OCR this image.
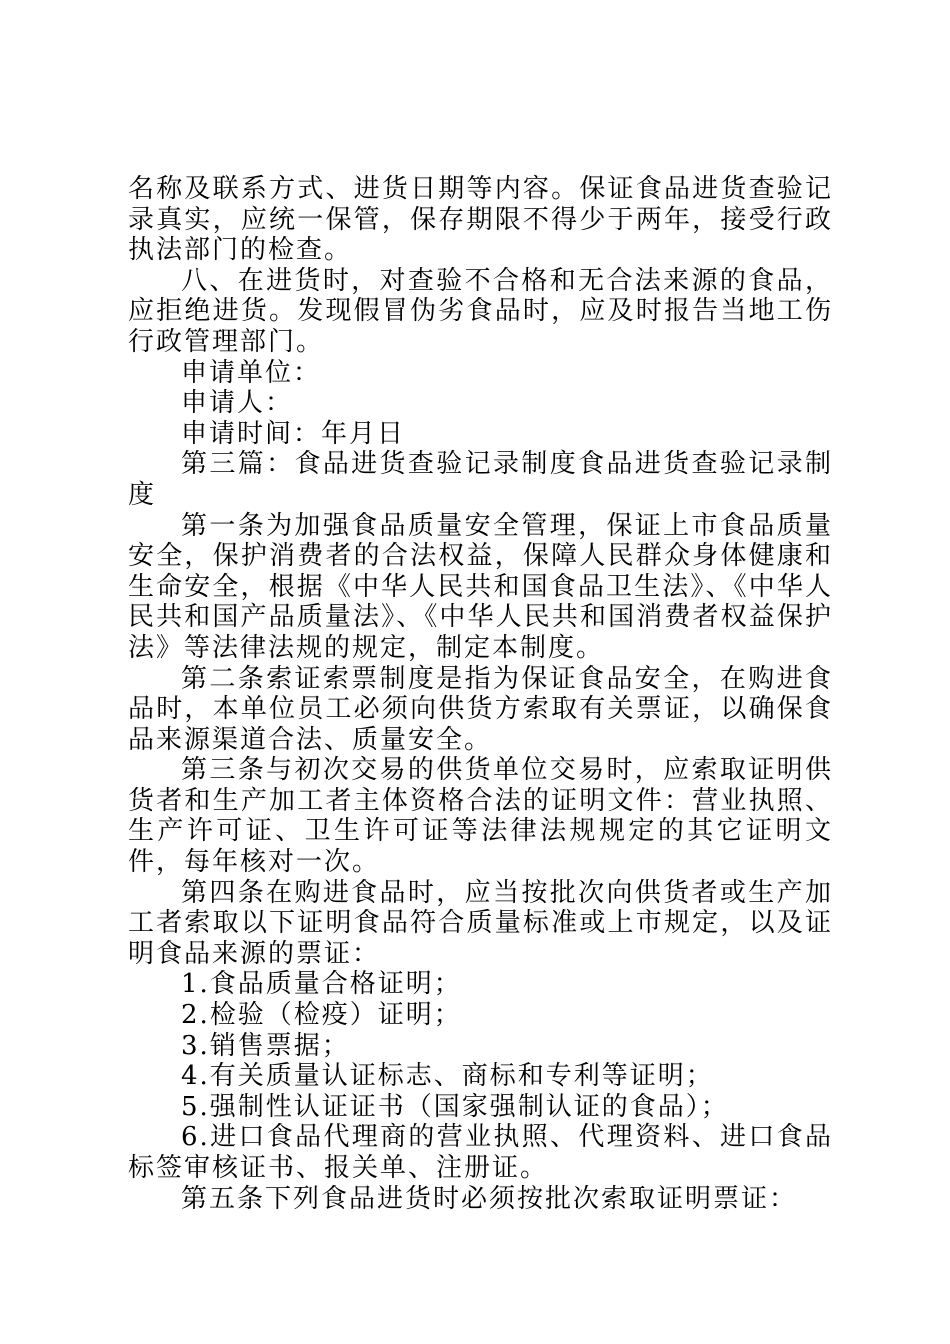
名称及联系方式、进货日期等内容。保证食品进货查验记录真实，应统一保管，保存期限不得少于两年，接受行政执法部门的检查。

八、在进货时，对查验不合格和无合法来源的食品，应拒绝进货。发现假冒伪劣食品时，应及时报告当地工伤行政管理部门。

申请单位：

申请人：

申请时间：年月日

第三篇：食品进货查验记录制度食品进货查验记录制度

第一条为加强食品质量安全管理，保证上市食品质量安全，保护消费者的合法权益，保障人民群众身体健康和生命安全，根据《中华人民共和国食品卫生法》、《中华人民共和国产品质量法》、《中华人民共和国消费者权益保护法》等法律法规的规定，制定本制度。

第二条索证索票制度是指为保证食品安全，在购进食品时，本单位员工必须向供货方索取有关票证，以确保食品来源渠道合法、质量安全。

第三条与初次交易的供货单位交易时，应索取证明供货者和生产加工者主体资格合法的证明文件：营业执照、生产许可证、卫生许可证等法律法规规定的其它证明文件，每年核对一次。

第四条在购进食品时，应当按批次向供货者或生产加工者索取以下证明食品符合质量标准或上市规定，以及证明食品来源的票证：

1.食品质量合格证明；

2.检验（检疫）证明；

3.销售票据；

4.有关质量认证标志、商标和专利等证明；

5.强制性认证证书（国家强制认证的食品）；

6.进口食品代理商的营业执照、代理资料、进口食品标签审核证书、报关单、注册证。

第五条下列食品进货时必须按批次索取证明票证：
